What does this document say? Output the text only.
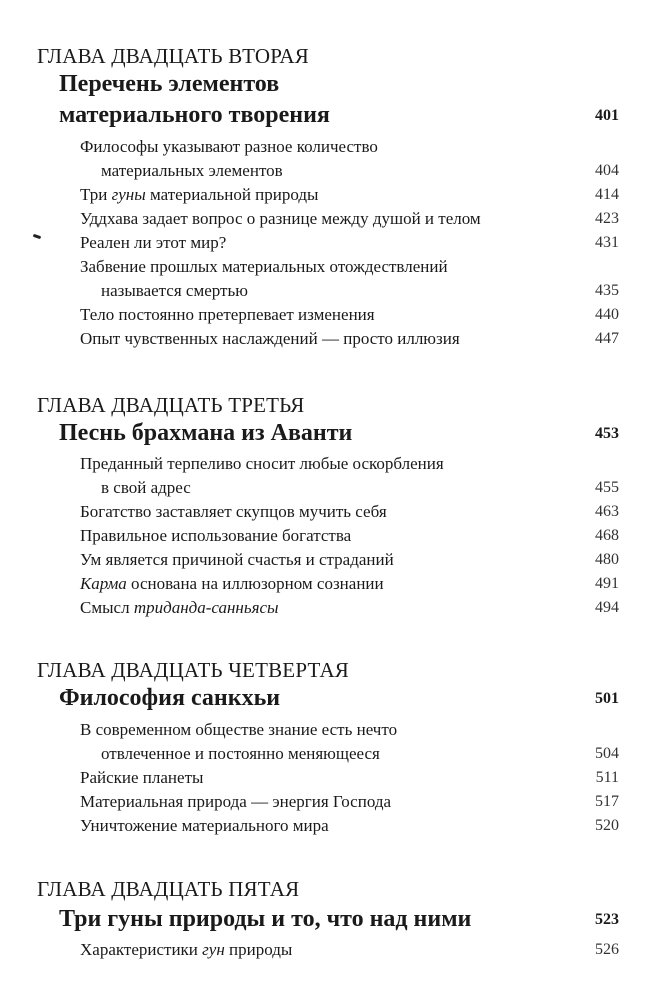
ГЛАВА ДВАДЦАТЬ ВТОРАЯ
Перечень элементов
материального творения	401
Философы указывают разное количество
материальных элементов	404
Три гуны материальной природы	414
Уддхава задает вопрос о разнице между душой и телом	423
Реален ли этот мир?	431
Забвение прошлых материальных отождествлений
называется смертью	435
Тело постоянно претерпевает изменения	440
Опыт чувственных наслаждений — просто иллюзия	447
ГЛАВА ДВАДЦАТЬ ТРЕТЬЯ
Песнь брахмана из Аванти	453
Преданный терпеливо сносит любые оскорбления
в свой адрес	455
Богатство заставляет скупцов мучить себя	463
Правильное использование богатства	468
Ум является причиной счастья и страданий	480
Карма основана на иллюзорном сознании	491
Смысл триданда-санньясы	494
ГЛАВА ДВАДЦАТЬ ЧЕТВЕРТАЯ
Философия санкхьи	501
В современном обществе знание есть нечто
отвлеченное и постоянно меняющееся	504
Райские планеты	511
Материальная природа — энергия Господа	517
Уничтожение материального мира	520
ГЛАВА ДВАДЦАТЬ ПЯТАЯ
Три гуны природы и то, что над ними	523
Характеристики гун природы	526
